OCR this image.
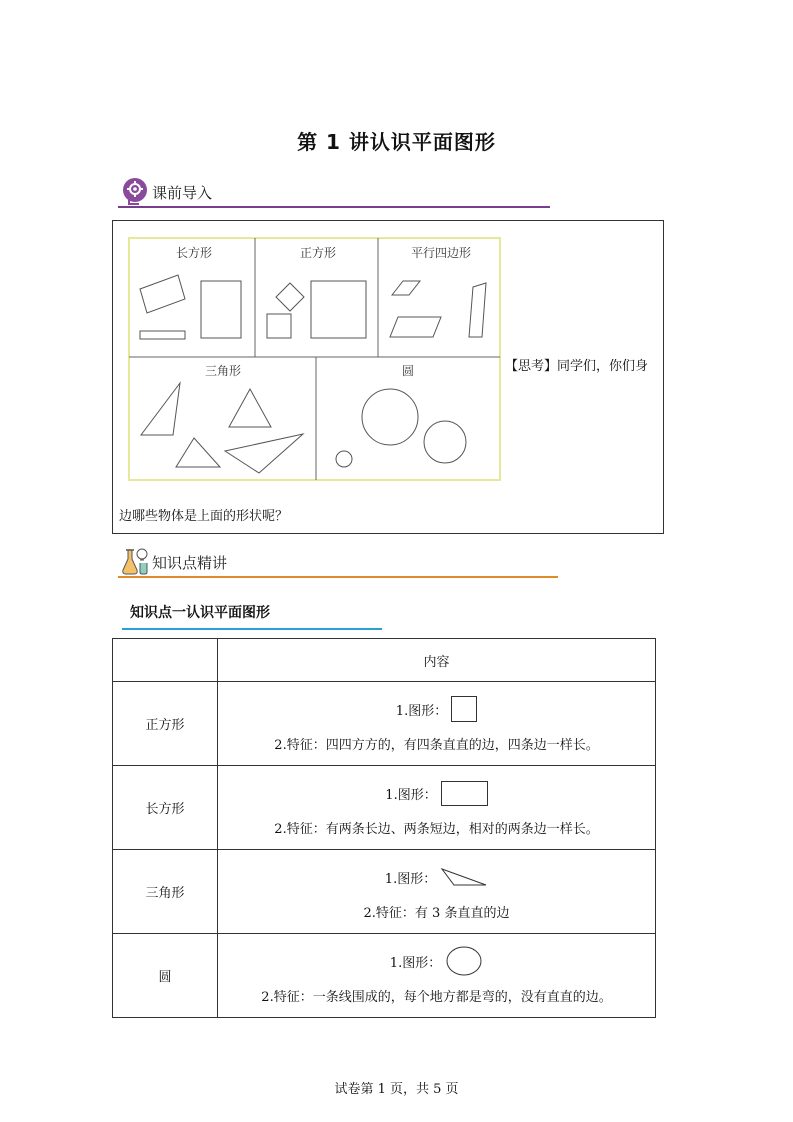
第 1 讲认识平面图形
课前导入
长方形	正方形	平行四边形
三角形	圆	【思考】同学们，你们身
边哪些物体是上面的形状呢？
知识点精讲
知识点一认识平面图形
	内容
正方形	1.图形：
2.特征：四四方方的，有四条直直的边，四条边一样长。

长方形	1.图形：
2.特征：有两条长边、两条短边，相对的两条边一样长。

三角形	1.图形：
2.特征：有 3 条直直的边

圆	1.图形：
2.特征：一条线围成的，每个地方都是弯的，没有直直的边。
试卷第 1 页，共 5 页
